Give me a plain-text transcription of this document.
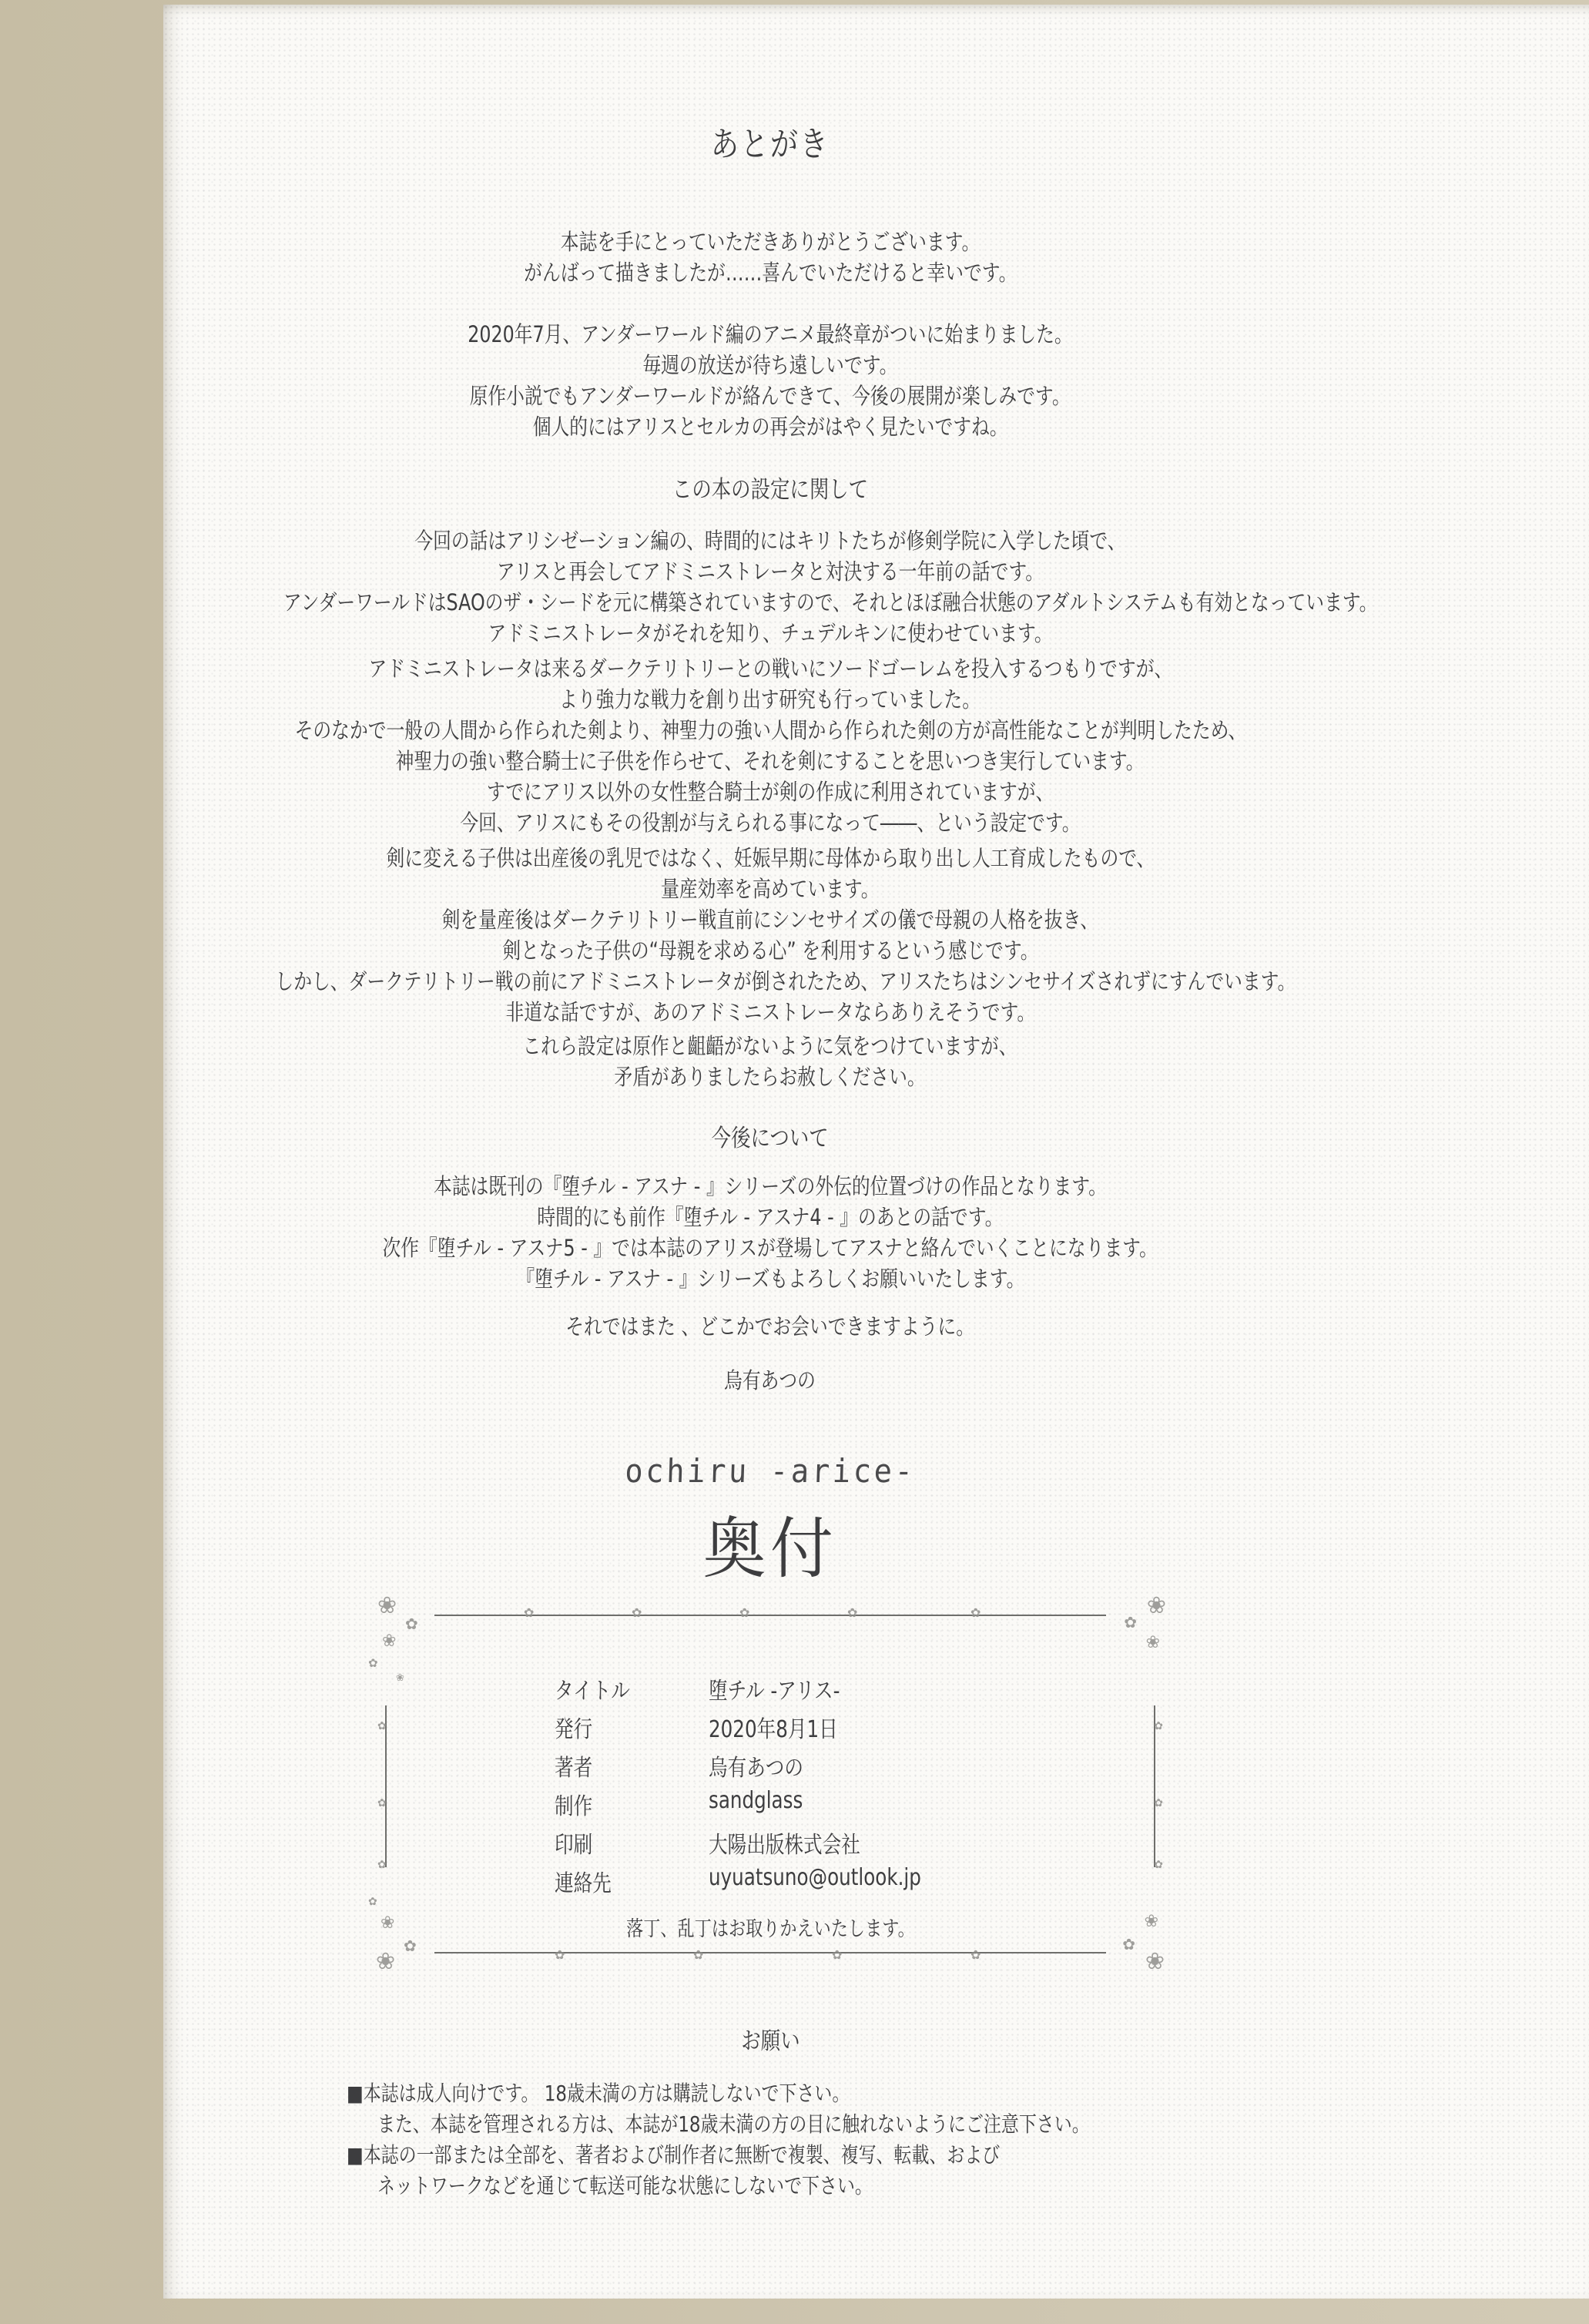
あとがき
本誌を手にとっていただきありがとうございます。
がんばって描きましたが……喜んでいただけると幸いです。
2020年7月、アンダーワールド編のアニメ最終章がついに始まりました。
毎週の放送が待ち遠しいです。
原作小説でもアンダーワールドが絡んできて、今後の展開が楽しみです。
個人的にはアリスとセルカの再会がはやく見たいですね。
この本の設定に関して
今回の話はアリシゼーション編の、時間的にはキリトたちが修剣学院に入学した頃で、
アリスと再会してアドミニストレータと対決する一年前の話です。
アンダーワールドはSAOのザ・シードを元に構築されていますので、それとほぼ融合状態のアダルトシステムも有効となっています。
アドミニストレータがそれを知り、チュデルキンに使わせています。
アドミニストレータは来るダークテリトリーとの戦いにソードゴーレムを投入するつもりですが、
より強力な戦力を創り出す研究も行っていました。
そのなかで一般の人間から作られた剣より、神聖力の強い人間から作られた剣の方が高性能なことが判明したため、
神聖力の強い整合騎士に子供を作らせて、それを剣にすることを思いつき実行しています。
すでにアリス以外の女性整合騎士が剣の作成に利用されていますが、
今回、アリスにもその役割が与えられる事になって――、という設定です。
剣に変える子供は出産後の乳児ではなく、妊娠早期に母体から取り出し人工育成したもので、
量産効率を高めています。
剣を量産後はダークテリトリー戦直前にシンセサイズの儀で母親の人格を抜き、
剣となった子供の“母親を求める心” を利用するという感じです。
しかし、ダークテリトリー戦の前にアドミニストレータが倒されたため、アリスたちはシンセサイズされずにすんでいます。
非道な話ですが、あのアドミニストレータならありえそうです。
これら設定は原作と齟齬がないように気をつけていますが、
矛盾がありましたらお赦しください。
今後について
本誌は既刊の『堕チル - アスナ - 』シリーズの外伝的位置づけの作品となります。
時間的にも前作『堕チル - アスナ4 - 』のあとの話です。
次作『堕チル - アスナ5 - 』では本誌のアリスが登場してアスナと絡んでいくことになります。
『堕チル - アスナ - 』シリーズもよろしくお願いいたします。
それではまた 、どこかでお会いできますように。
烏有あつの
ochiru -arice-
奥付
❀
✿
❀
✿
❀
❀
✿
❀
❀
✿
❀
✿
❀
✿
❀
✿	✿	✿	✿	✿
✿	✿	✿	✿
✿
✿
✿
✿
✿
✿
タイトル	堕チル -アリス-
発行	2020年8月1日
著者	烏有あつの
制作	sandglass
印刷	大陽出版株式会社
連絡先	uyuatsuno@outlook.jp
落丁、乱丁はお取りかえいたします。
お願い
■本誌は成人向けです。 18歳未満の方は購読しないで下さい。
また、本誌を管理される方は、本誌が18歳未満の方の目に触れないようにご注意下さい。
■本誌の一部または全部を、著者および制作者に無断で複製、複写、転載、および
ネットワークなどを通じて転送可能な状態にしないで下さい。
